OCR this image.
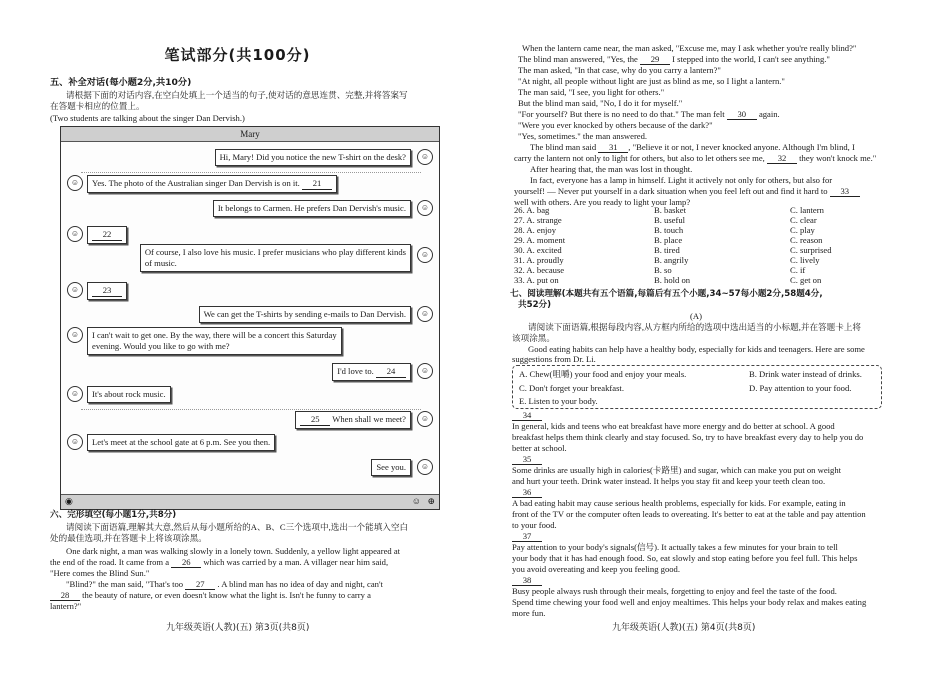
笔试部分(共100分)
五、补全对话(每小题2分,共10分)
请根据下面的对话内容,在空白处填上一个适当的句子,使对话的意思连贯、完整,并将答案写
在答题卡相应的位置上。
(Two students are talking about the singer Dan Dervish.)
Mary
Hi, Mary! Did you notice the new T-shirt on the desk?	☺
☺	Yes. The photo of the Australian singer Dan Dervish is on it. 21
It belongs to Carmen. He prefers Dan Dervish's music.	☺
☺	22
Of course, I also love his music. I prefer musicians who play different kinds
of music.
☺
☺	23
We can get the T-shirts by sending e-mails to Dan Dervish.	☺
☺	I can't wait to get one. By the way, there will be a concert this Saturday
evening. Would you like to go with me?
I'd love to. 24	☺
☺	It's about rock music.
25 When shall we meet?	☺
☺	Let's meet at the school gate at 6 p.m. See you then.
See you.	☺
◉	☺ ⊕
六、完形填空(每小题1分,共8分)
请阅读下面语篇,理解其大意,然后从每小题所给的A、B、C三个选项中,选出一个能填入空白
处的最佳选项,并在答题卡上将该项涂黑。
One dark night, a man was walking slowly in a lonely town. Suddenly, a yellow light appeared at
the end of the road. It came from a 26 which was carried by a man. A villager near him said,
"Here comes the Blind Sun."
"Blind?" the man said, "That's too 27 . A blind man has no idea of day and night, can't
28 the beauty of nature, or even doesn't know what the light is. Isn't he funny to carry a
lantern?"
九年级英语(人教)(五) 第3页(共8页)
When the lantern came near, the man asked, "Excuse me, may I ask whether you're really blind?"
The blind man answered, "Yes, the 29 I stepped into the world, I can't see anything."
The man asked, "In that case, why do you carry a lantern?"
"At night, all people without light are just as blind as me, so I light a lantern."
The man said, "I see, you light for others."
But the blind man said, "No, I do it for myself."
"For yourself? But there is no need to do that." The man felt 30 again.
"Were you ever knocked by others because of the dark?"
"Yes, sometimes." the man answered.
The blind man said 31 , "Believe it or not, I never knocked anyone. Although I'm blind, I
carry the lantern not only to light for others, but also to let others see me, 32 they won't knock me."
After hearing that, the man was lost in thought.
In fact, everyone has a lamp in himself. Light it actively not only for others, but also for
yourself! — Never put yourself in a dark situation when you feel left out and find it hard to 33
well with others. Are you ready to light your lamp?
26. A. bag	B. basket	C. lantern
27. A. strange	B. useful	C. clear
28. A. enjoy	B. touch	C. play
29. A. moment	B. place	C. reason
30. A. excited	B. tired	C. surprised
31. A. proudly	B. angrily	C. lively
32. A. because	B. so	C. if
33. A. put on	B. hold on	C. get on
七、阅读理解(本题共有五个语篇,每篇后有五个小题,34~57每小题2分,58题4分,
共52分)
(A)
请阅读下面语篇,根据每段内容,从方框内所给的选项中选出适当的小标题,并在答题卡上将
该项涂黑。
Good eating habits can help have a healthy body, especially for kids and teenagers. Here are some
suggestions from Dr. Li.
A. Chew(咀嚼) your food and enjoy your meals.	B. Drink water instead of drinks.
C. Don't forget your breakfast.	D. Pay attention to your food.
E. Listen to your body.
34
In general, kids and teens who eat breakfast have more energy and do better at school. A good
breakfast helps them think clearly and stay focused. So, try to have breakfast every day to help you do
better at school.
35
Some drinks are usually high in calories(卡路里) and sugar, which can make you put on weight
and hurt your teeth. Drink water instead. It helps you stay fit and keep your teeth clean too.
36
A bad eating habit may cause serious health problems, especially for kids. For example, eating in
front of the TV or the computer often leads to overeating. It's better to eat at the table and pay attention
to your food.
37
Pay attention to your body's signals(信号). It actually takes a few minutes for your brain to tell
your body that it has had enough food. So, eat slowly and stop eating before you feel full. This helps
you avoid overeating and keep you feeling good.
38
Busy people always rush through their meals, forgetting to enjoy and feel the taste of the food.
Spend time chewing your food well and enjoy mealtimes. This helps your body relax and makes eating
more fun.
九年级英语(人教)(五) 第4页(共8页)
